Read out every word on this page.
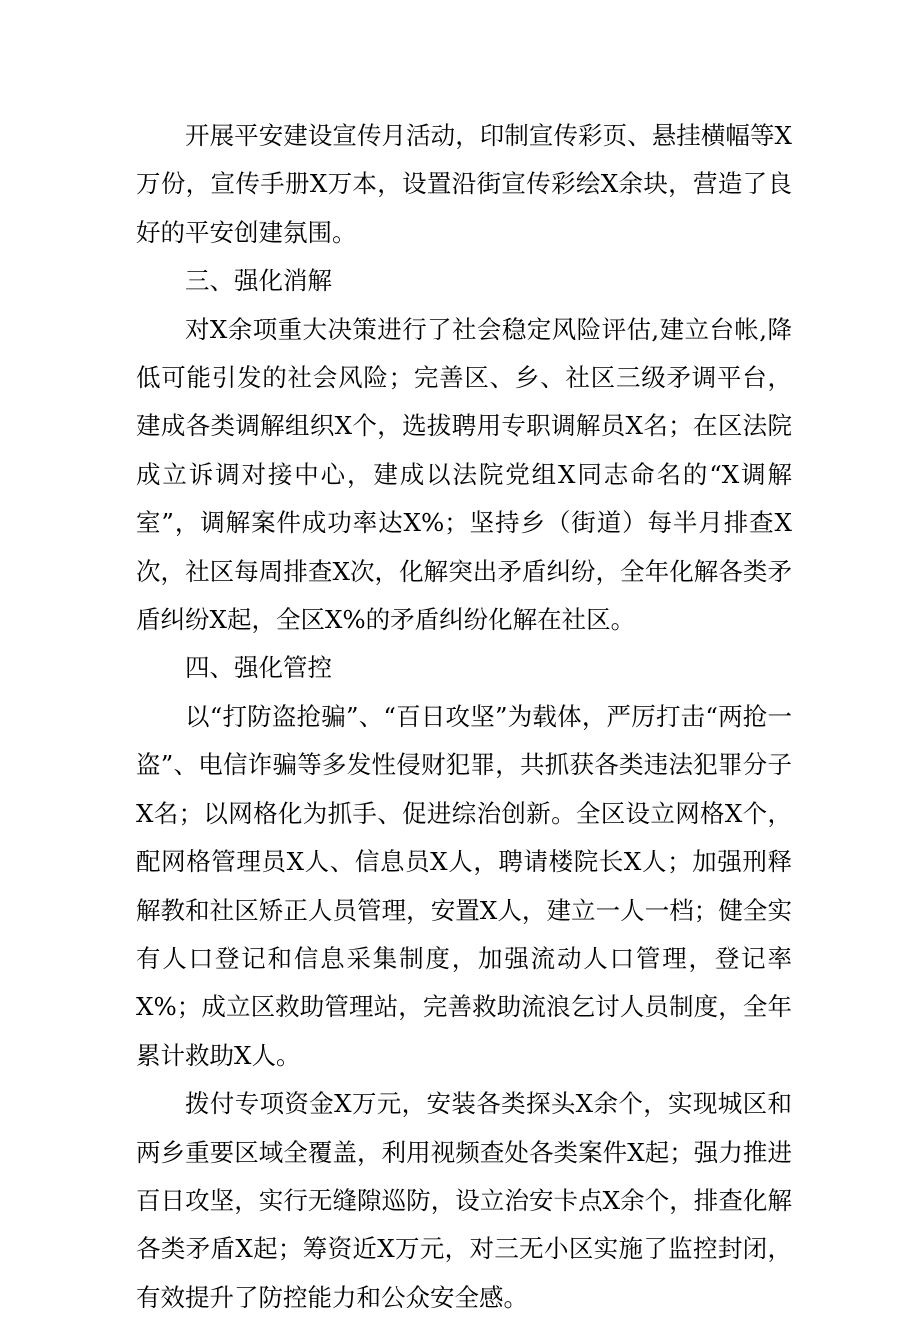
开展平安建设宣传月活动，印制宣传彩页、悬挂横幅等X万份，宣传手册X万本，设置沿街宣传彩绘X余块，营造了良好的平安创建氛围。

三、强化消解

对X余项重大决策进行了社会稳定风险评估,建立台帐,降低可能引发的社会风险；完善区、乡、社区三级矛调平台，建成各类调解组织X个，选拔聘用专职调解员X名；在区法院成立诉调对接中心，建成以法院党组X同志命名的“X调解室”，调解案件成功率达X%；坚持乡（街道）每半月排查X次，社区每周排查X次，化解突出矛盾纠纷，全年化解各类矛盾纠纷X起，全区X%的矛盾纠纷化解在社区。

四、强化管控

以“打防盗抢骗”、“百日攻坚”为载体，严厉打击“两抢一盗”、电信诈骗等多发性侵财犯罪，共抓获各类违法犯罪分子X名；以网格化为抓手、促进综治创新。全区设立网格X个，配网格管理员X人、信息员X人，聘请楼院长X人；加强刑释解教和社区矫正人员管理，安置X人，建立一人一档；健全实有人口登记和信息采集制度，加强流动人口管理，登记率X%；成立区救助管理站，完善救助流浪乞讨人员制度，全年累计救助X人。

拨付专项资金X万元，安装各类探头X余个，实现城区和两乡重要区域全覆盖，利用视频查处各类案件X起；强力推进百日攻坚，实行无缝隙巡防，设立治安卡点X余个，排查化解各类矛盾X起；筹资近X万元，对三无小区实施了监控封闭，有效提升了防控能力和公众安全感。
